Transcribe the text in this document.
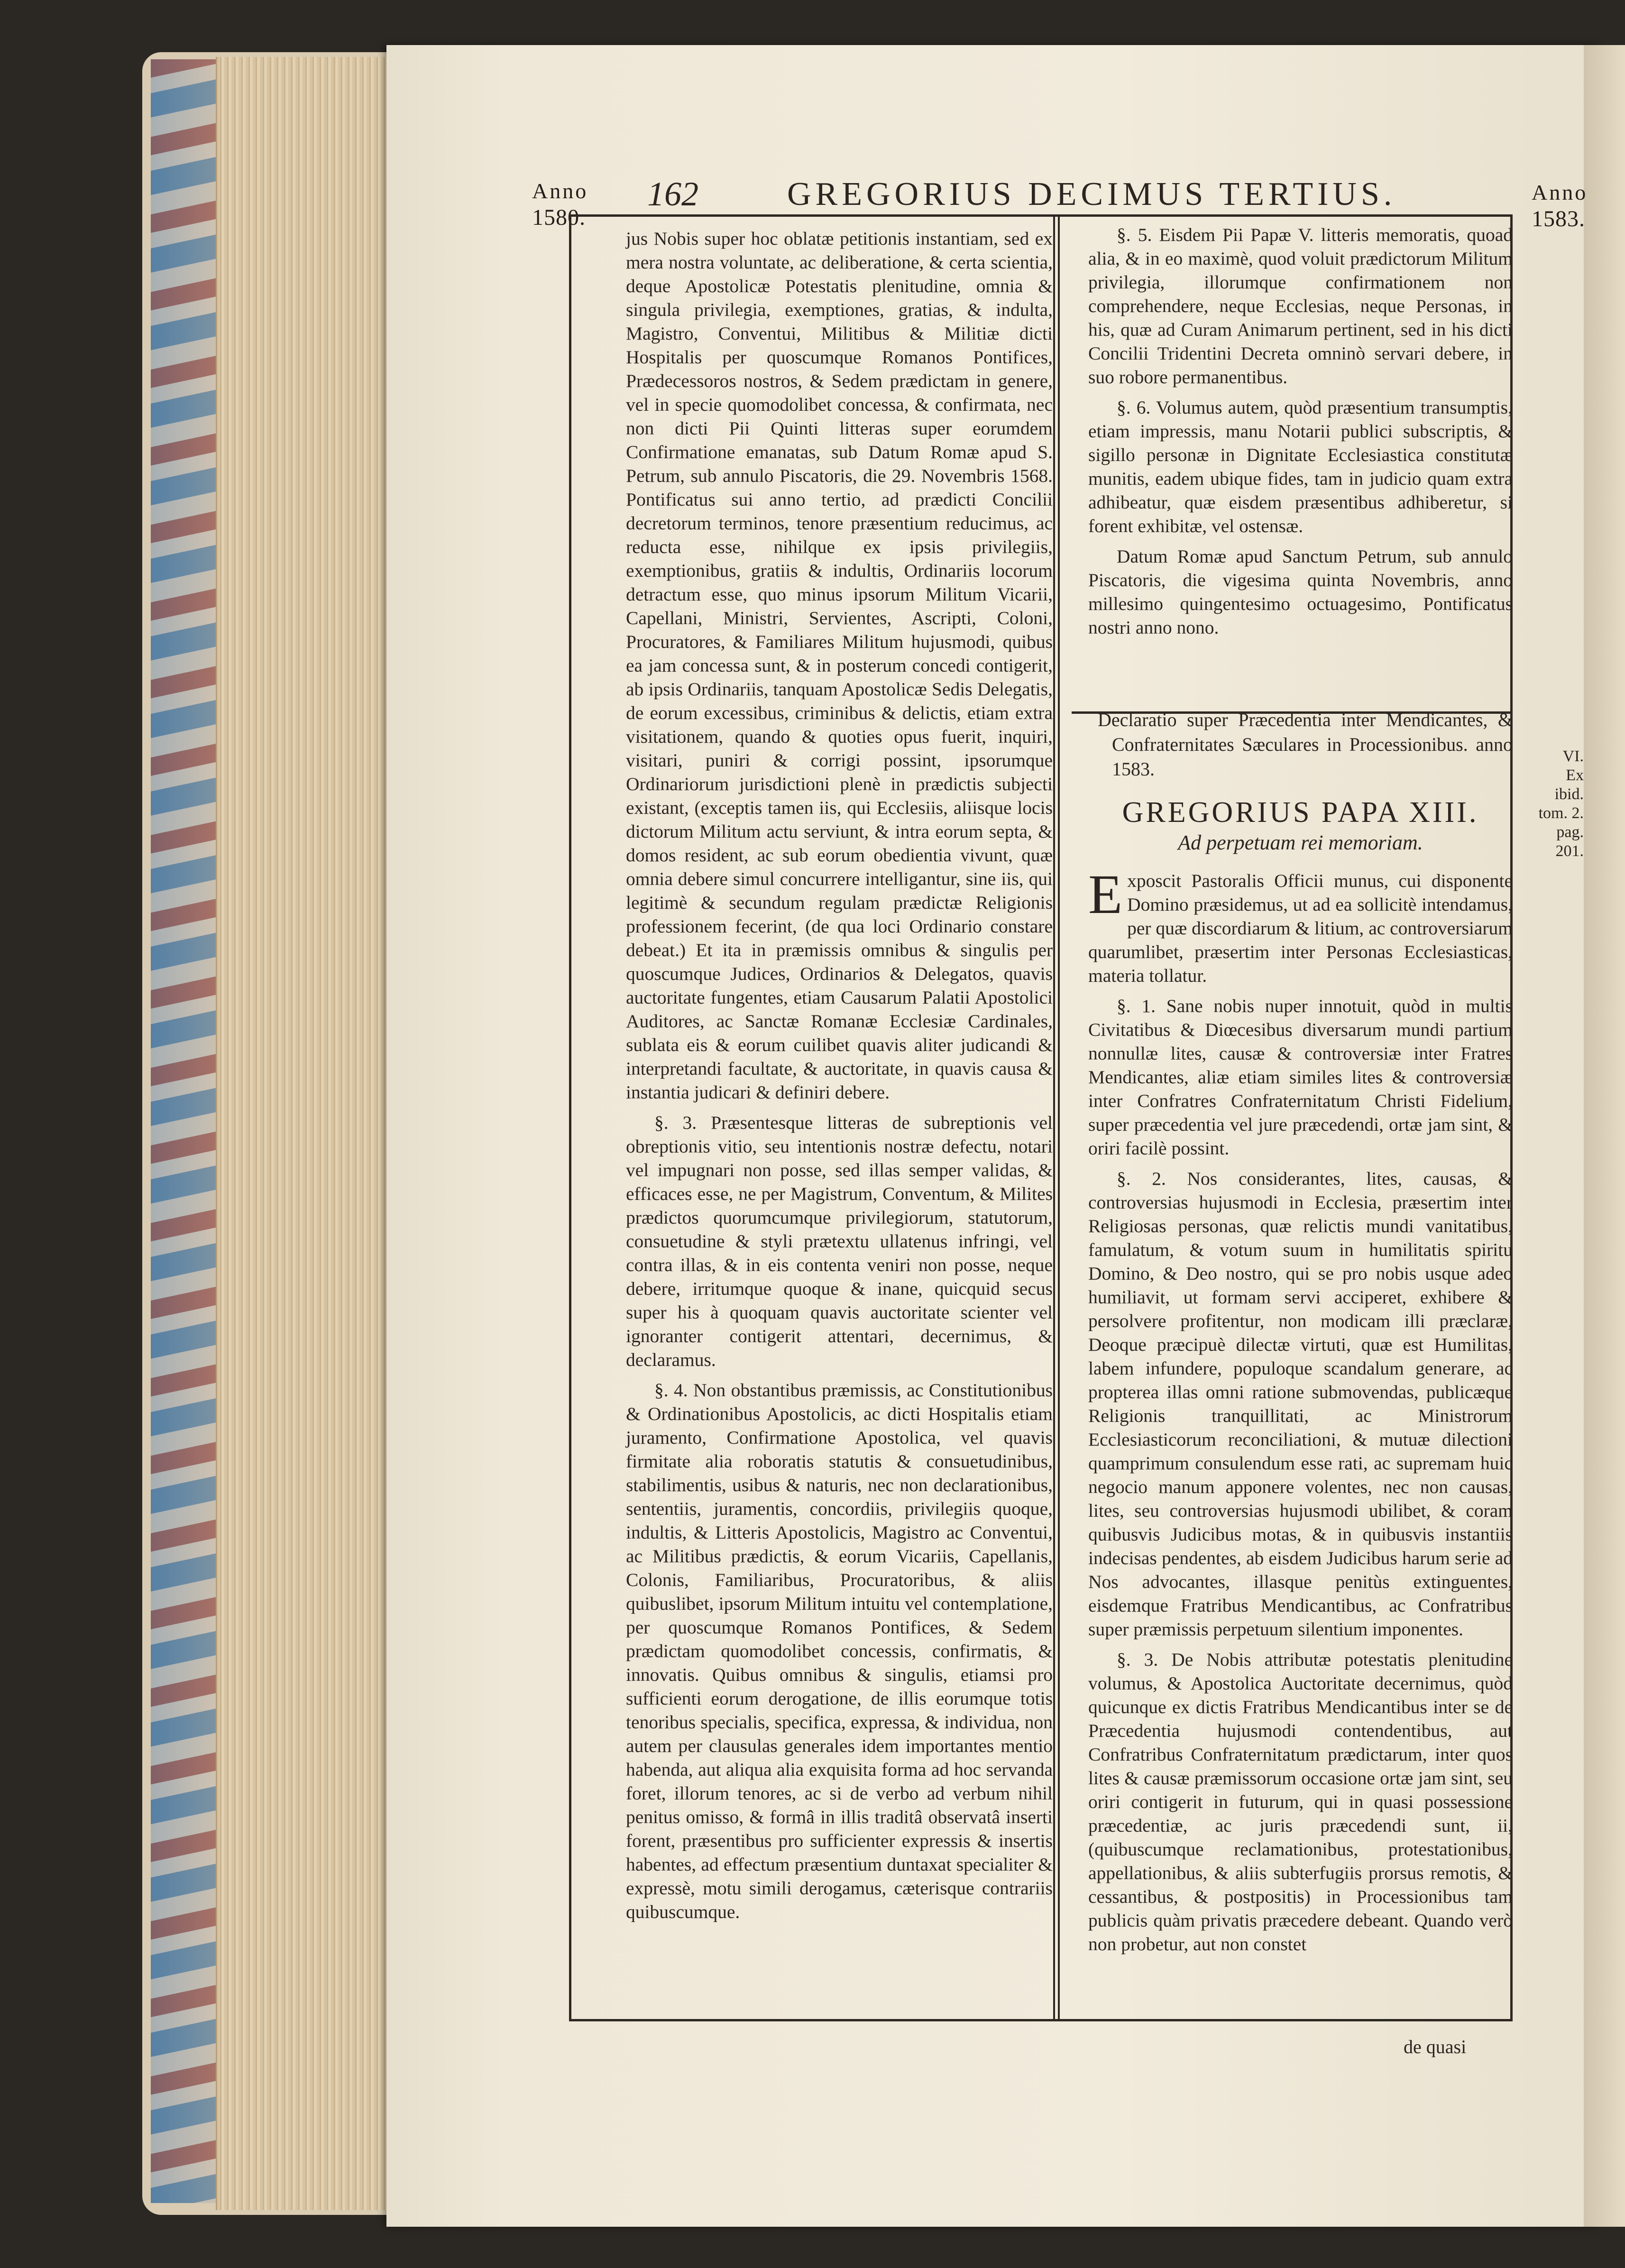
Anno
1580.
162	GREGORIUS DECIMUS TERTIUS.	Anno
1583.

jus Nobis super hoc oblatæ petitionis instantiam, sed ex mera nostra voluntate, ac deliberatione, & certa scientia, deque Apostolicæ Potestatis plenitudine, omnia & singula privilegia, exemptiones, gratias, & indulta, Magistro, Conventui, Militibus & Militiæ dicti Hospitalis per quoscumque Romanos Pontifices, Prædecessoros nostros, & Sedem prædictam in genere, vel in specie quomodolibet concessa, & confirmata, nec non dicti Pii Quinti litteras super eorumdem Confirmatione emanatas, sub Datum Romæ apud S. Petrum, sub annulo Piscatoris, die 29. Novembris 1568. Pontificatus sui anno tertio, ad prædicti Concilii decretorum terminos, tenore præsentium reducimus, ac reducta esse, nihilque ex ipsis privilegiis, exemptionibus, gratiis & indultis, Ordinariis locorum detractum esse, quo minus ipsorum Militum Vicarii, Capellani, Ministri, Servientes, Ascripti, Coloni, Procuratores, & Familiares Militum hujusmodi, quibus ea jam concessa sunt, & in posterum concedi contigerit, ab ipsis Ordinariis, tanquam Apostolicæ Sedis Delegatis, de eorum excessibus, criminibus & delictis, etiam extra visitationem, quando & quoties opus fuerit, inquiri, visitari, puniri & corrigi possint, ipsorumque Ordinariorum jurisdictioni plenè in prædictis subjecti existant, (exceptis tamen iis, qui Ecclesiis, aliisque locis dictorum Militum actu serviunt, & intra eorum septa, & domos resident, ac sub eorum obedientia vivunt, quæ omnia debere simul concurrere intelligantur, sine iis, qui legitimè & secundum regulam prædictæ Religionis professionem fecerint, (de qua loci Ordinario constare debeat.) Et ita in præmissis omnibus & singulis per quoscumque Judices, Ordinarios & Delegatos, quavis auctoritate fungentes, etiam Causarum Palatii Apostolici Auditores, ac Sanctæ Romanæ Ecclesiæ Cardinales, sublata eis & eorum cuilibet quavis aliter judicandi & interpretandi facultate, & auctoritate, in quavis causa & instantia judicari & definiri debere.

§. 3. Præsentesque litteras de subreptionis vel obreptionis vitio, seu intentionis nostræ defectu, notari vel impugnari non posse, sed illas semper validas, & efficaces esse, ne per Magistrum, Conventum, & Milites prædictos quorumcumque privilegiorum, statutorum, consuetudine & styli prætextu ullatenus infringi, vel contra illas, & in eis contenta veniri non posse, neque debere, irritumque quoque & inane, quicquid secus super his à quoquam quavis auctoritate scienter vel ignoranter contigerit attentari, decernimus, & declaramus.

§. 4. Non obstantibus præmissis, ac Constitutionibus & Ordinationibus Apostolicis, ac dicti Hospitalis etiam juramento, Confirmatione Apostolica, vel quavis firmitate alia roboratis statutis & consuetudinibus, stabilimentis, usibus & naturis, nec non declarationibus, sententiis, juramentis, concordiis, privilegiis quoque, indultis, & Litteris Apostolicis, Magistro ac Conventui, ac Militibus prædictis, & eorum Vicariis, Capellanis, Colonis, Familiaribus, Procuratoribus, & aliis quibuslibet, ipsorum Militum intuitu vel contemplatione, per quoscumque Romanos Pontifices, & Sedem prædictam quomodolibet concessis, confirmatis, & innovatis. Quibus omnibus & singulis, etiamsi pro sufficienti eorum derogatione, de illis eorumque totis tenoribus specialis, specifica, expressa, & individua, non autem per clausulas generales idem importantes mentio habenda, aut aliqua alia exquisita forma ad hoc servanda foret, illorum tenores, ac si de verbo ad verbum nihil penitus omisso, & formâ in illis traditâ observatâ inserti forent, præsentibus pro sufficienter expressis & insertis habentes, ad effectum præsentium duntaxat specialiter & expressè, motu simili derogamus, cæterisque contrariis quibuscumque.

§. 5. Eisdem Pii Papæ V. litteris memoratis, quoad alia, & in eo maximè, quod voluit prædictorum Militum privilegia, illorumque confirmationem non comprehendere, neque Ecclesias, neque Personas, in his, quæ ad Curam Animarum pertinent, sed in his dicti Concilii Tridentini Decreta omninò servari debere, in suo robore permanentibus.

§. 6. Volumus autem, quòd præsentium transumptis, etiam impressis, manu Notarii publici subscriptis, & sigillo personæ in Dignitate Ecclesiastica constitutæ munitis, eadem ubique fides, tam in judicio quam extra adhibeatur, quæ eisdem præsentibus adhiberetur, si forent exhibitæ, vel ostensæ.

Datum Romæ apud Sanctum Petrum, sub annulo Piscatoris, die vigesima quinta Novembris, anno millesimo quingentesimo octuagesimo, Pontificatus nostri anno nono.

Declaratio super Præcedentia inter Mendicantes, & Confraternitates Sæculares in Processionibus. anno 1583.
GREGORIUS PAPA XIII.
Ad perpetuam rei memoriam.

E xposcit Pastoralis Officii munus, cui disponente Domino præsidemus, ut ad ea sollicitè intendamus, per quæ discordiarum & litium, ac controversiarum quarumlibet, præsertim inter Personas Ecclesiasticas, materia tollatur.

§. 1. Sane nobis nuper innotuit, quòd in multis Civitatibus & Diœcesibus diversarum mundi partium nonnullæ lites, causæ & controversiæ inter Fratres Mendicantes, aliæ etiam similes lites & controversiæ inter Confratres Confraternitatum Christi Fidelium, super præcedentia vel jure præcedendi, ortæ jam sint, & oriri facilè possint.

§. 2. Nos considerantes, lites, causas, & controversias hujusmodi in Ecclesia, præsertim inter Religiosas personas, quæ relictis mundi vanitatibus, famulatum, & votum suum in humilitatis spiritu Domino, & Deo nostro, qui se pro nobis usque adeo humiliavit, ut formam servi acciperet, exhibere & persolvere profitentur, non modicam illi præclaræ, Deoque præcipuè dilectæ virtuti, quæ est Humilitas, labem infundere, populoque scandalum generare, ac propterea illas omni ratione submovendas, publicæque Religionis tranquillitati, ac Ministrorum Ecclesiasticorum reconciliationi, & mutuæ dilectioni quamprimum consulendum esse rati, ac supremam huic negocio manum apponere volentes, nec non causas, lites, seu controversias hujusmodi ubilibet, & coram quibusvis Judicibus motas, & in quibusvis instantiis indecisas pendentes, ab eisdem Judicibus harum serie ad Nos advocantes, illasque penitùs extinguentes, eisdemque Fratribus Mendicantibus, ac Confratribus super præmissis perpetuum silentium imponentes.

§. 3. De Nobis attributæ potestatis plenitudine volumus, & Apostolica Auctoritate decernimus, quòd quicunque ex dictis Fratribus Mendicantibus inter se de Præcedentia hujusmodi contendentibus, aut Confratribus Confraternitatum prædictarum, inter quos lites & causæ præmissorum occasione ortæ jam sint, seu oriri contigerit in futurum, qui in quasi possessione præcedentiæ, ac juris præcedendi sunt, ii, (quibuscumque reclamationibus, protestationibus, appellationibus, & aliis subterfugiis prorsus remotis, & cessantibus, & postpositis) in Processionibus tam publicis quàm privatis præcedere debeant. Quando verò non probetur, aut non constet

VI.
Ex ibid.
tom. 2.
pag. 201.
de quasi
